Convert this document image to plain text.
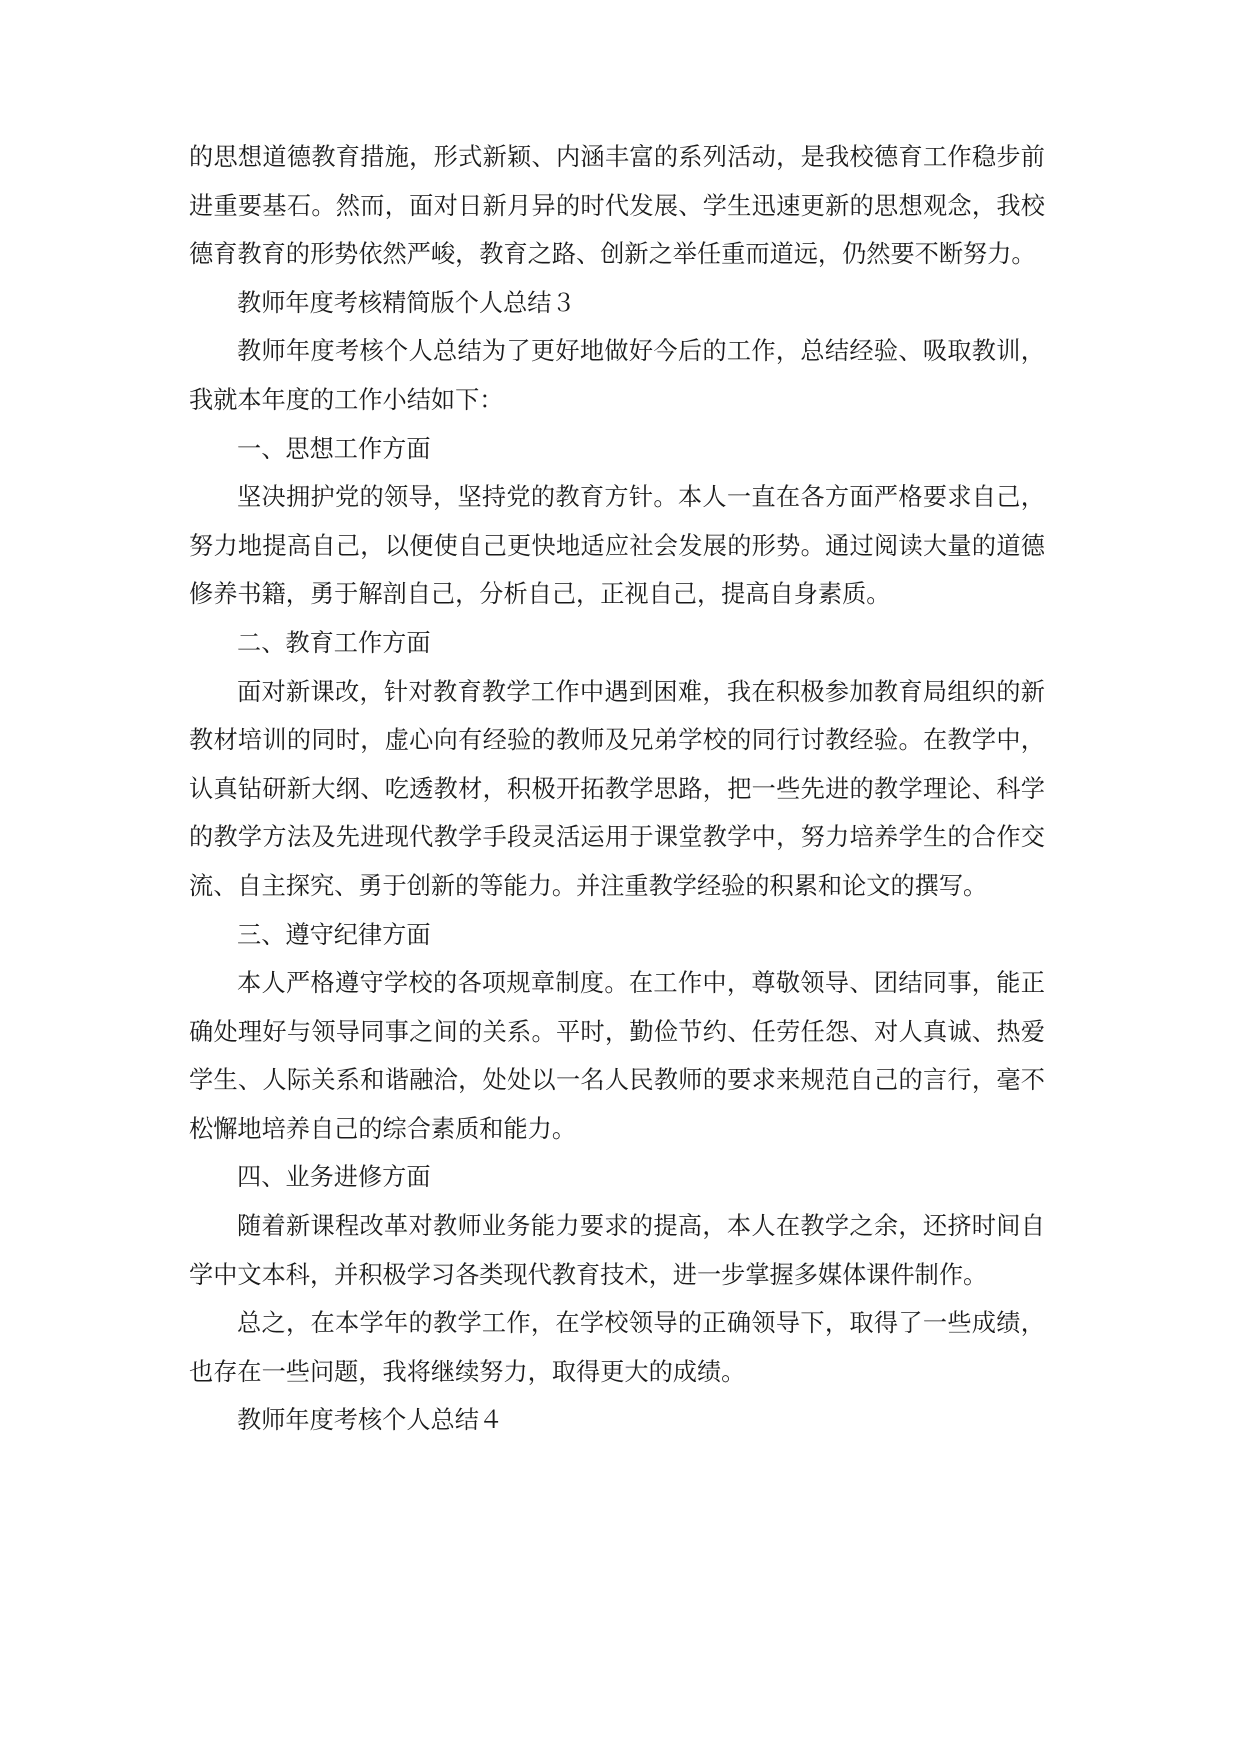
的思想道德教育措施，形式新颖、内涵丰富的系列活动，是我校德育工作稳步前进重要基石。然而，面对日新月异的时代发展、学生迅速更新的思想观念，我校德育教育的形势依然严峻，教育之路、创新之举任重而道远，仍然要不断努力。

教师年度考核精简版个人总结３

教师年度考核个人总结为了更好地做好今后的工作，总结经验、吸取教训，我就本年度的工作小结如下：

一、思想工作方面

坚决拥护党的领导，坚持党的教育方针。本人一直在各方面严格要求自己，努力地提高自己，以便使自己更快地适应社会发展的形势。通过阅读大量的道德修养书籍，勇于解剖自己，分析自己，正视自己，提高自身素质。

二、教育工作方面

面对新课改，针对教育教学工作中遇到困难，我在积极参加教育局组织的新教材培训的同时，虚心向有经验的教师及兄弟学校的同行讨教经验。在教学中，认真钻研新大纲、吃透教材，积极开拓教学思路，把一些先进的教学理论、科学的教学方法及先进现代教学手段灵活运用于课堂教学中，努力培养学生的合作交流、自主探究、勇于创新的等能力。并注重教学经验的积累和论文的撰写。

三、遵守纪律方面

本人严格遵守学校的各项规章制度。在工作中，尊敬领导、团结同事，能正确处理好与领导同事之间的关系。平时，勤俭节约、任劳任怨、对人真诚、热爱学生、人际关系和谐融洽，处处以一名人民教师的要求来规范自己的言行，毫不松懈地培养自己的综合素质和能力。

四、业务进修方面

随着新课程改革对教师业务能力要求的提高，本人在教学之余，还挤时间自学中文本科，并积极学习各类现代教育技术，进一步掌握多媒体课件制作。

总之，在本学年的教学工作，在学校领导的正确领导下，取得了一些成绩，也存在一些问题，我将继续努力，取得更大的成绩。

教师年度考核个人总结４
